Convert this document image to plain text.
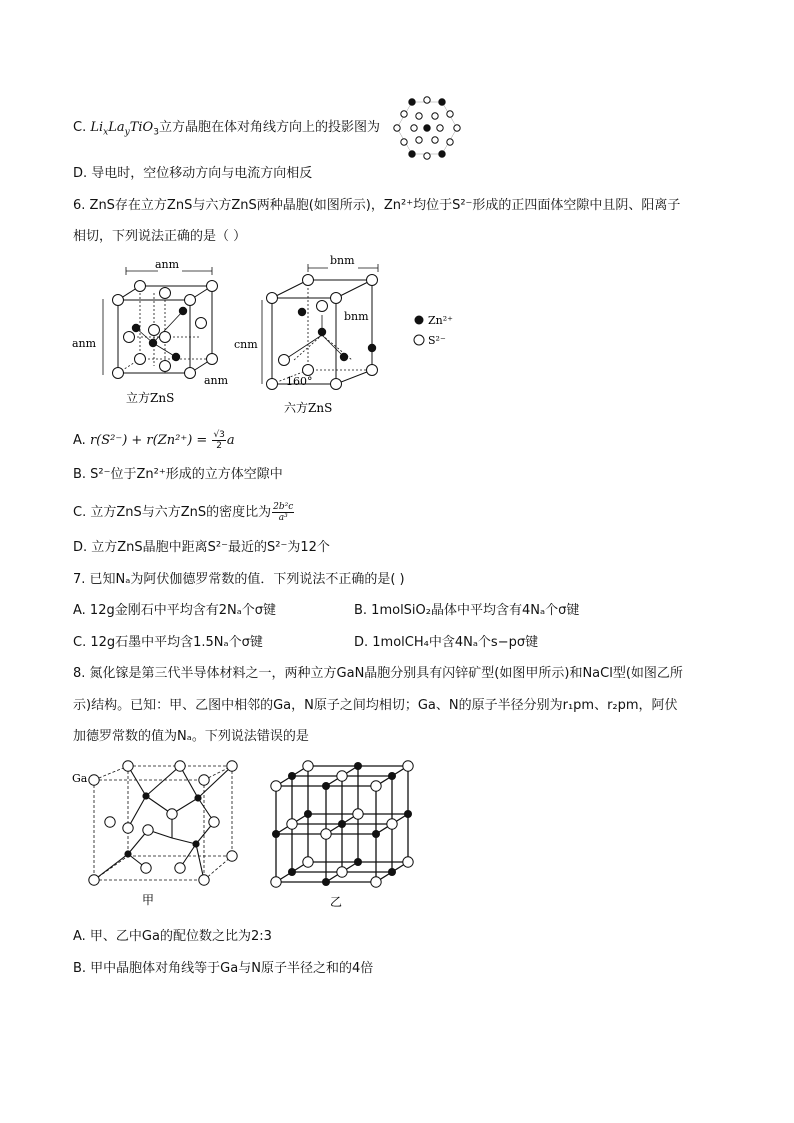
C. $Li_xLa_yTiO_3$立方晶胞在体对角线方向上的投影图为
D. 导电时，空位移动方向与电流方向相反
6. ZnS存在立方ZnS与六方ZnS两种晶胞(如图所示)，Zn²⁺均位于S²⁻形成的正四面体空隙中且阴、阳离子
相切，下列说法正确的是（ ）
anm
anm
anm
立方ZnS
bnm
cnm
160°
bnm
六方ZnS
Zn²⁺
S²⁻
A. $r(S^{2-}) + r(Zn^{2+}) = \frac{√3}{2}$ a
B. S²⁻位于Zn²⁺形成的立方体空隙中
C. 立方ZnS与六方ZnS的密度比为 $\frac{\text{2b²c}}{\text{a³}}$
D. 立方ZnS晶胞中距离S²⁻最近的S²⁻为12个
7. 已知Nₐ为阿伏伽德罗常数的值．下列说法不正确的是( )
A. 12g金刚石中平均含有2Nₐ个σ键	B. 1molSiO₂晶体中平均含有4Nₐ个σ键
C. 12g石墨中平均含1.5Nₐ个σ键	D. 1molCH₄中含4Nₐ个s−pσ键
8. 氮化镓是第三代半导体材料之一，两种立方GaN晶胞分别具有闪锌矿型(如图甲所示)和NaCl型(如图乙所
示)结构。已知：甲、乙图中相邻的Ga，N原子之间均相切；Ga、N的原子半径分别为r₁pm、r₂pm，阿伏
加德罗常数的值为Nₐ。下列说法错误的是
Ga
甲	乙
A. 甲、乙中Ga的配位数之比为2:3
B. 甲中晶胞体对角线等于Ga与N原子半径之和的4倍
